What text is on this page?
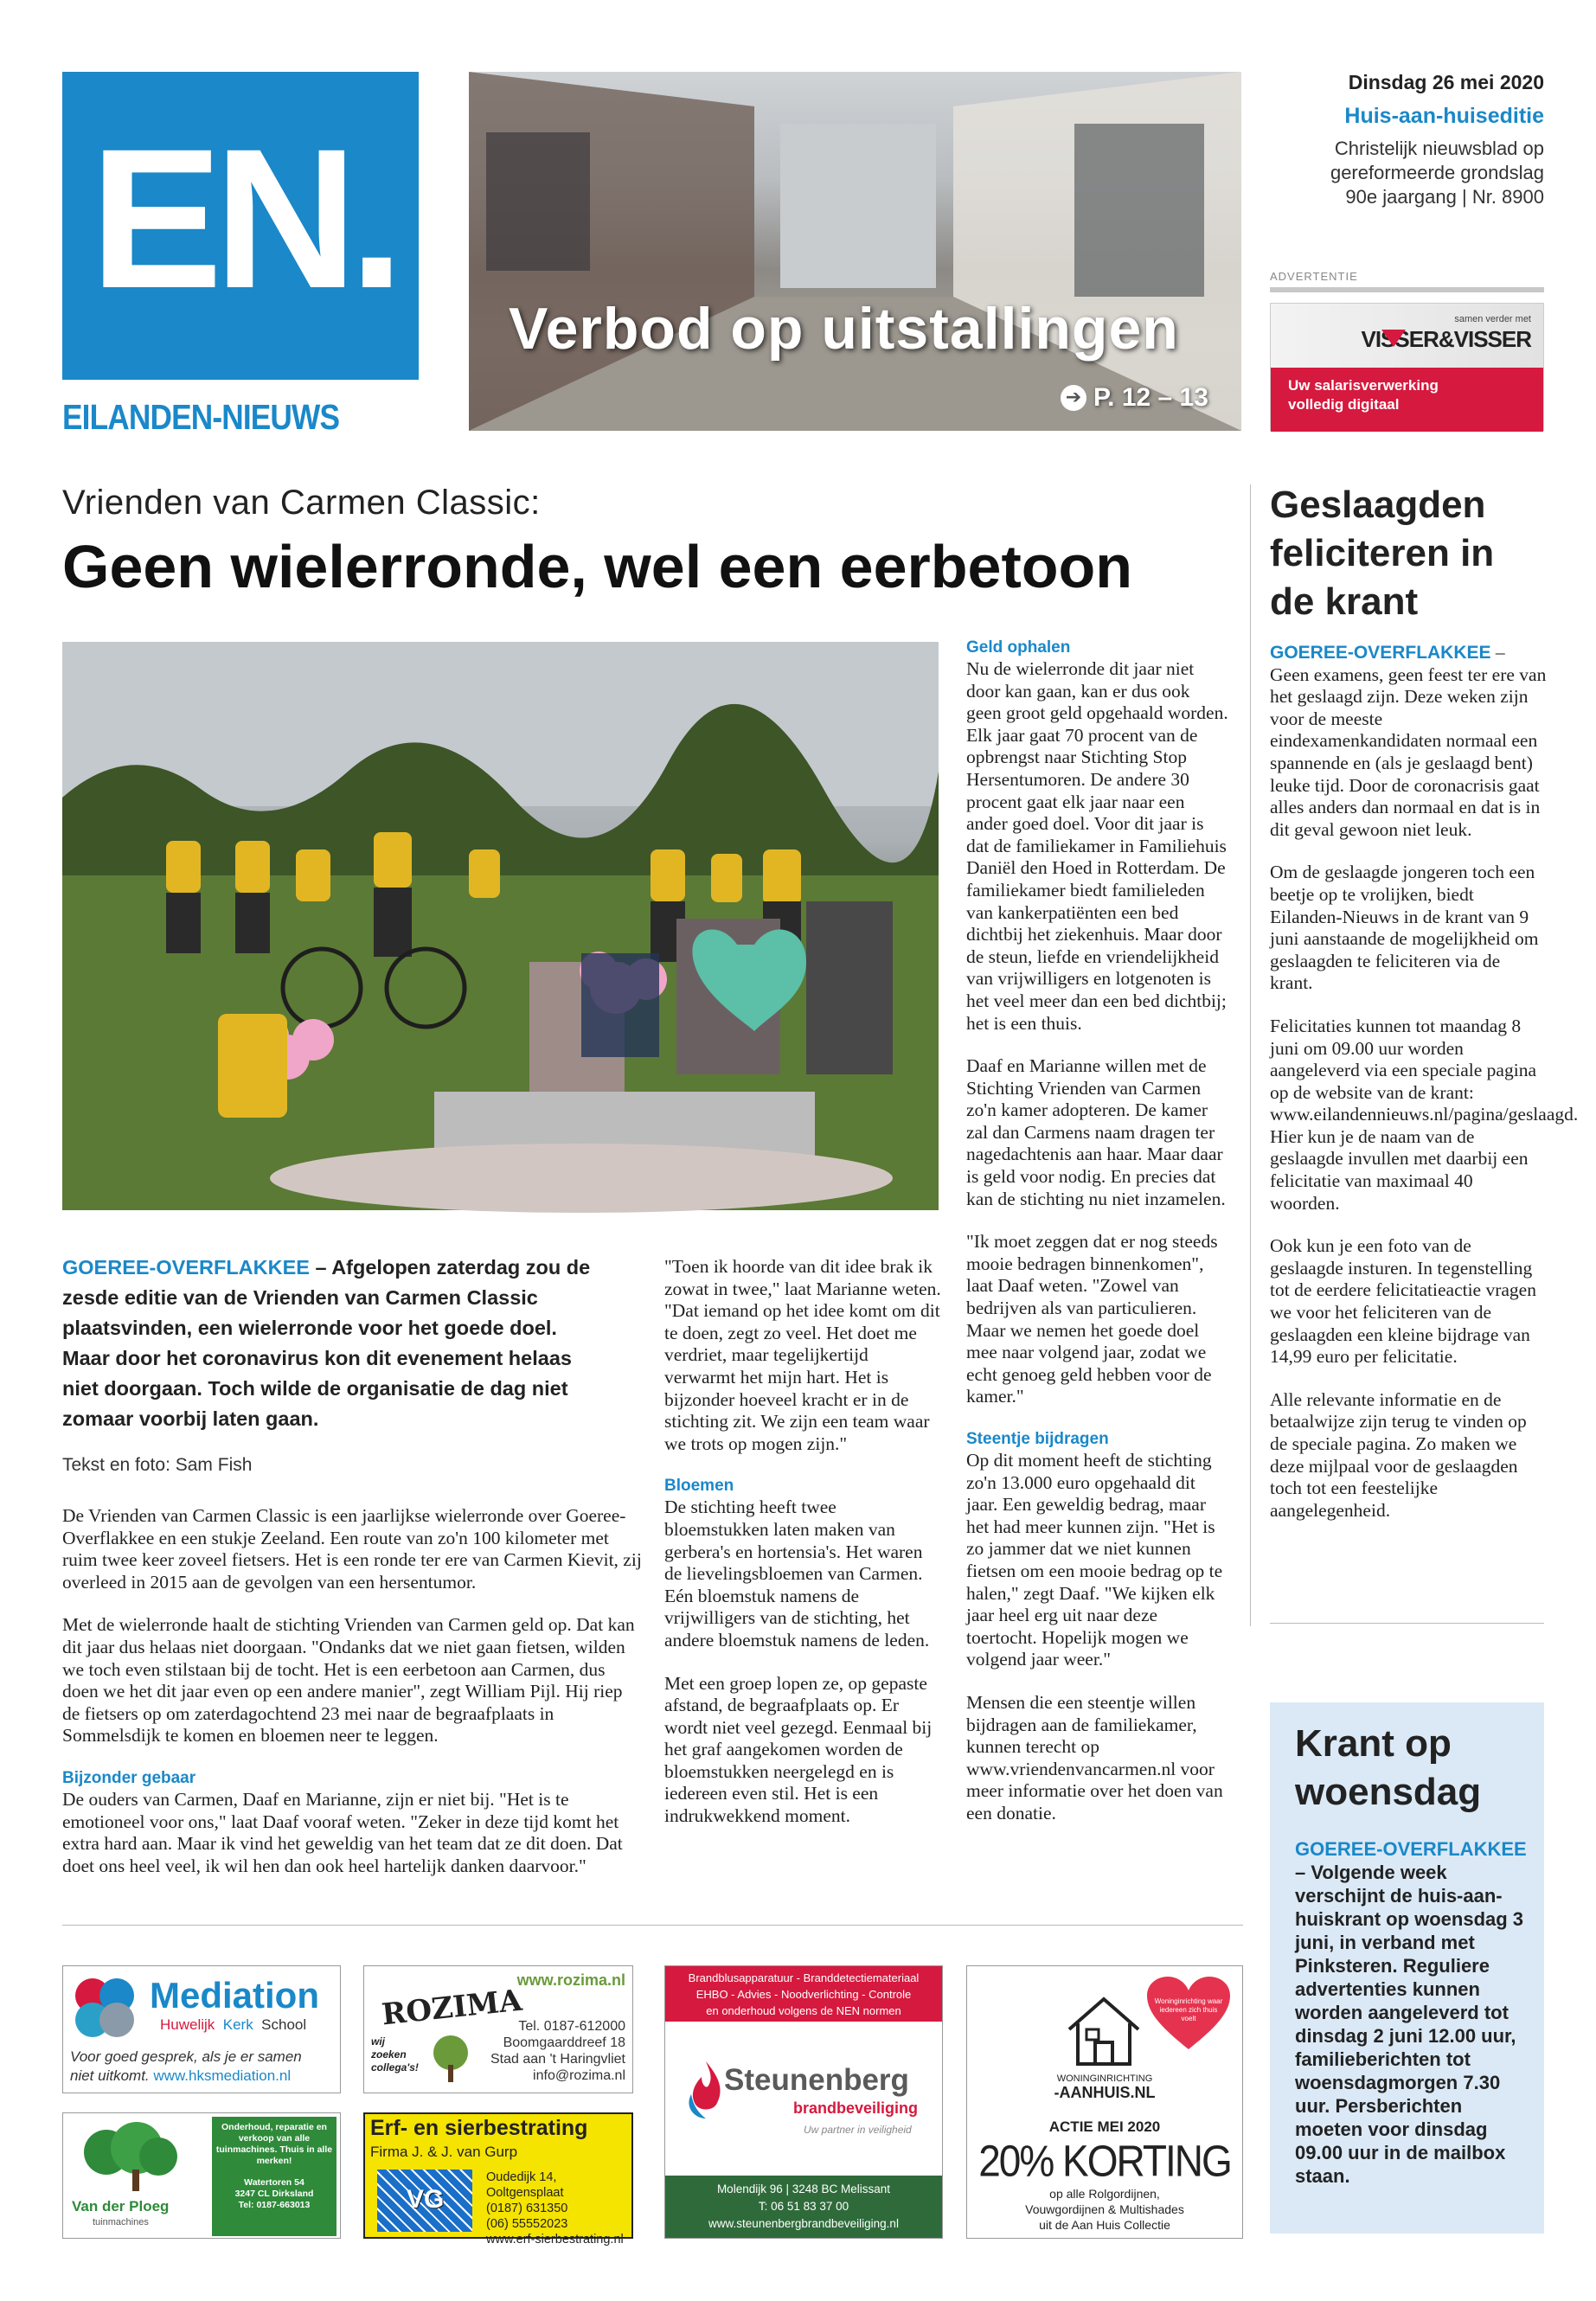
EN.
EILANDEN-NIEUWS
Verbod op uitstallingen
➔ P. 12 – 13
Dinsdag 26 mei 2020
Huis-aan-huiseditie
Christelijk nieuwsblad op
gereformeerde grondslag
90e jaargang | Nr. 8900
ADVERTENTIE
samen verder met
VISSER&VISSER
Uw salarisverwerking
volledig digitaal
Vrienden van Carmen Classic:
Geen wielerronde, wel een eerbetoon
GOEREE-OVERFLAKKEE – Afgelopen zaterdag zou de zesde editie van de Vrienden van Carmen Classic plaatsvinden, een wielerronde voor het goede doel. Maar door het coronavirus kon dit evenement helaas niet doorgaan. Toch wilde de organisatie de dag niet zomaar voorbij laten gaan.
Tekst en foto: Sam Fish

De Vrienden van Carmen Classic is een jaarlijkse wielerronde over Goeree-Overflakkee en een stukje Zeeland. Een route van zo'n 100 kilometer met ruim twee keer zoveel fietsers. Het is een ronde ter ere van Carmen Kievit, zij overleed in 2015 aan de gevolgen van een hersentumor.

Met de wielerronde haalt de stichting Vrienden van Carmen geld op. Dat kan dit jaar dus helaas niet doorgaan. "Ondanks dat we niet gaan fietsen, wilden we toch even stilstaan bij de tocht. Het is een eerbetoon aan Carmen, dus doen we het dit jaar even op een andere manier", zegt William Pijl. Hij riep de fietsers op om zaterdagochtend 23 mei naar de begraafplaats in Sommelsdijk te komen en bloemen neer te leggen.

Bijzonder gebaar

De ouders van Carmen, Daaf en Marianne, zijn er niet bij. "Het is te emotioneel voor ons," laat Daaf vooraf weten. "Zeker in deze tijd komt het extra hard aan. Maar ik vind het geweldig van het team dat ze dit doen. Dat doet ons heel veel, ik wil hen dan ook heel hartelijk danken daarvoor."

"Toen ik hoorde van dit idee brak ik zowat in twee," laat Marianne weten. "Dat iemand op het idee komt om dit te doen, zegt zo veel. Het doet me verdriet, maar tegelijkertijd verwarmt het mijn hart. Het is bijzonder hoeveel kracht er in de stichting zit. We zijn een team waar we trots op mogen zijn."

Bloemen

De stichting heeft twee bloemstukken laten maken van gerbera's en hortensia's. Het waren de lievelingsbloemen van Carmen. Eén bloemstuk namens de vrijwilligers van de stichting, het andere bloemstuk namens de leden.

Met een groep lopen ze, op gepaste afstand, de begraafplaats op. Er wordt niet veel gezegd. Eenmaal bij het graf aangekomen worden de bloemstukken neergelegd en is iedereen even stil. Het is een indrukwekkend moment.

Geld ophalen

Nu de wielerronde dit jaar niet door kan gaan, kan er dus ook geen groot geld opgehaald worden. Elk jaar gaat 70 procent van de opbrengst naar Stichting Stop Hersentumoren. De andere 30 procent gaat elk jaar naar een ander goed doel. Voor dit jaar is dat de familiekamer in Familiehuis Daniël den Hoed in Rotterdam. De familiekamer biedt familieleden van kankerpatiënten een bed dichtbij het ziekenhuis. Maar door de steun, liefde en vriendelijkheid van vrijwilligers en lotgenoten is het veel meer dan een bed dichtbij; het is een thuis.

Daaf en Marianne willen met de Stichting Vrienden van Carmen zo'n kamer adopteren. De kamer zal dan Carmens naam dragen ter nagedachtenis aan haar. Maar daar is geld voor nodig. En precies dat kan de stichting nu niet inzamelen.

"Ik moet zeggen dat er nog steeds mooie bedragen binnenkomen", laat Daaf weten. "Zowel van bedrijven als van particulieren. Maar we nemen het goede doel mee naar volgend jaar, zodat we echt genoeg geld hebben voor de kamer."

Steentje bijdragen

Op dit moment heeft de stichting zo'n 13.000 euro opgehaald dit jaar. Een geweldig bedrag, maar het had meer kunnen zijn. "Het is zo jammer dat we niet kunnen fietsen om een mooie bedrag op te halen," zegt Daaf. "We kijken elk jaar heel erg uit naar deze toertocht. Hopelijk mogen we volgend jaar weer."

Mensen die een steentje willen bijdragen aan de familiekamer, kunnen terecht op www.vriendenvancarmen.nl voor meer informatie over het doen van een donatie.

Geslaagden feliciteren in de krant

GOEREE-OVERFLAKKEE – Geen examens, geen feest ter ere van het geslaagd zijn. Deze weken zijn voor de meeste eindexamenkandidaten normaal een spannende en (als je geslaagd bent) leuke tijd. Door de coronacrisis gaat alles anders dan normaal en dat is in dit geval gewoon niet leuk.

Om de geslaagde jongeren toch een beetje op te vrolijken, biedt Eilanden-Nieuws in de krant van 9 juni aanstaande de mogelijkheid om geslaagden te feliciteren via de krant.

Felicitaties kunnen tot maandag 8 juni om 09.00 uur worden aangeleverd via een speciale pagina op de website van de krant: www.eilandennieuws.nl/pagina/geslaagd. Hier kun je de naam van de geslaagde invullen met daarbij een felicitatie van maximaal 40 woorden.

Ook kun je een foto van de geslaagde insturen. In tegenstelling tot de eerdere felicitatieactie vragen we voor het feliciteren van de geslaagden een kleine bijdrage van 14,99 euro per felicitatie.

Alle relevante informatie en de betaalwijze zijn terug te vinden op de speciale pagina. Zo maken we deze mijlpaal voor de geslaagden toch tot een feestelijke aangelegenheid.

Krant op woensdag
GOEREE-OVERFLAKKEE – Volgende week verschijnt de huis-aan-huiskrant op woensdag 3 juni, in verband met Pinksteren. Reguliere advertenties kunnen worden aangeleverd tot dinsdag 2 juni 12.00 uur, familieberichten tot woensdagmorgen 7.30 uur. Persberichten moeten voor dinsdag 09.00 uur in de mailbox staan.
Mediation
Huwelijk Kerk School
Voor goed gesprek, als je er samen
niet uitkomt. www.hksmediation.nl
www.rozima.nl
ROZIMA
wij zoeken collega's!
Tel. 0187-612000
Boomgaarddreef 18
Stad aan 't Haringvliet
info@rozima.nl
Van der Ploeg
tuinmachines
Onderhoud, reparatie en verkoop van alle tuinmachines. Thuis in alle merken!
Watertoren 54
3247 CL Dirksland
Tel: 0187-663013
Erf- en sierbestrating
Firma J. & J. van Gurp
VG
Oudedijk 14, Ooltgensplaat
(0187) 631350
(06) 55552023
www.erf-sierbestrating.nl
Brandblusapparatuur - Branddetectiemateriaal
EHBO - Advies - Noodverlichting - Controle
en onderhoud volgens de NEN normen
Steunenberg
brandbeveiliging
Uw partner in veiligheid
Molendijk 96 | 3248 BC Melissant
T: 06 51 83 37 00
www.steunenbergbrandbeveiliging.nl
Woninginrichting waar iedereen zich thuis voelt
WONINGINRICHTING
-AANHUIS.NL
ACTIE MEI 2020
20% KORTING
op alle Rolgordijnen,
Vouwgordijnen & Multishades
uit de Aan Huis Collectie
